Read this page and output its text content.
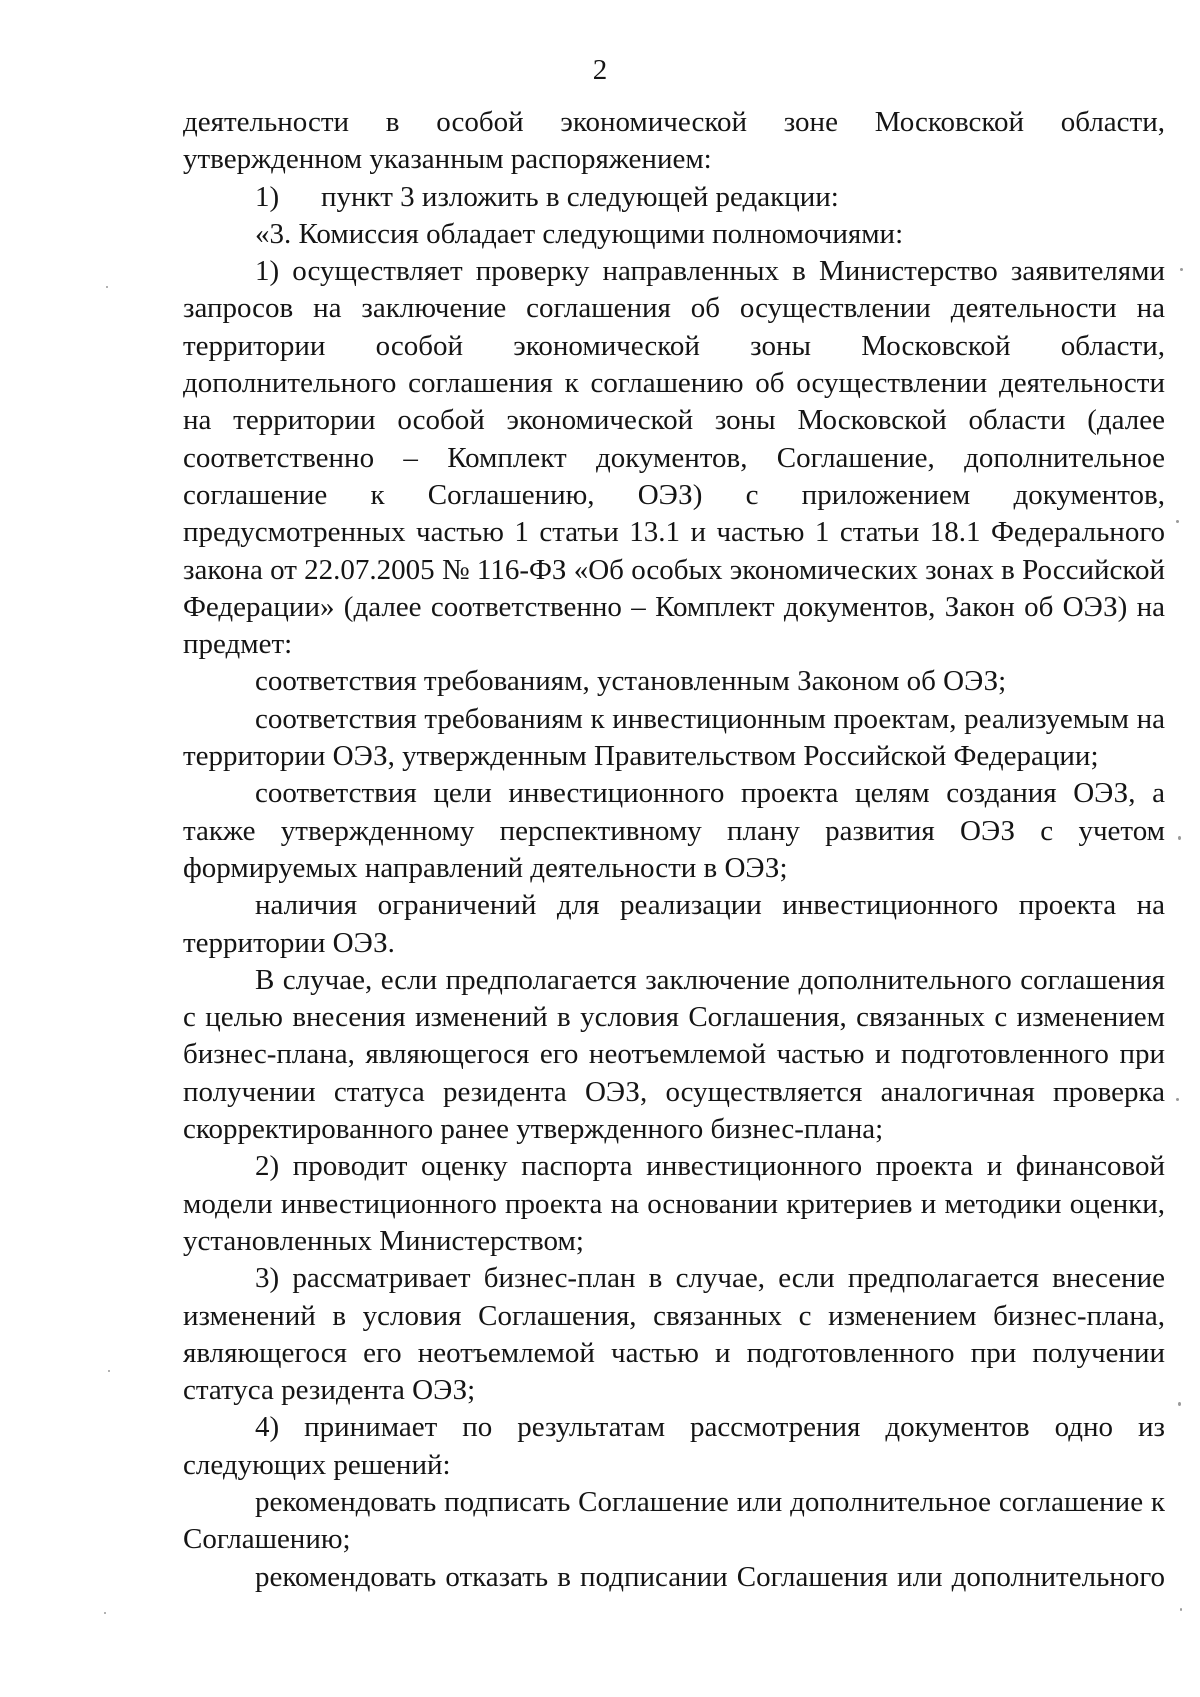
2

деятельности в особой экономической зоне Московской области, утвержденном указанным распоряжением:

1) пункт 3 изложить в следующей редакции:

«3. Комиссия обладает следующими полномочиями:

1) осуществляет проверку направленных в Министерство заявителями запросов на заключение соглашения об осуществлении деятельности на территории особой экономической зоны Московской области, дополнительного соглашения к соглашению об осуществлении деятельности на территории особой экономической зоны Московской области (далее соответственно – Комплект документов, Соглашение, дополнительное соглашение к Соглашению, ОЭЗ) с приложением документов, предусмотренных частью 1 статьи 13.1 и частью 1 статьи 18.1 Федерального закона от 22.07.2005 № 116-ФЗ «Об особых экономических зонах в Российской Федерации» (далее соответственно – Комплект документов, Закон об ОЭЗ) на предмет:

соответствия требованиям, установленным Законом об ОЭЗ;

соответствия требованиям к инвестиционным проектам, реализуемым на территории ОЭЗ, утвержденным Правительством Российской Федерации;

соответствия цели инвестиционного проекта целям создания ОЭЗ, а также утвержденному перспективному плану развития ОЭЗ с учетом формируемых направлений деятельности в ОЭЗ;

наличия ограничений для реализации инвестиционного проекта на территории ОЭЗ.

В случае, если предполагается заключение дополнительного соглашения с целью внесения изменений в условия Соглашения, связанных с изменением бизнес-плана, являющегося его неотъемлемой частью и подготовленного при получении статуса резидента ОЭЗ, осуществляется аналогичная проверка скорректированного ранее утвержденного бизнес-плана;

2) проводит оценку паспорта инвестиционного проекта и финансовой модели инвестиционного проекта на основании критериев и методики оценки, установленных Министерством;

3) рассматривает бизнес-план в случае, если предполагается внесение изменений в условия Соглашения, связанных с изменением бизнес-плана, являющегося его неотъемлемой частью и подготовленного при получении статуса резидента ОЭЗ;

4) принимает по результатам рассмотрения документов одно из следующих решений:

рекомендовать подписать Соглашение или дополнительное соглашение к Соглашению;

рекомендовать отказать в подписании Соглашения или дополнительного
